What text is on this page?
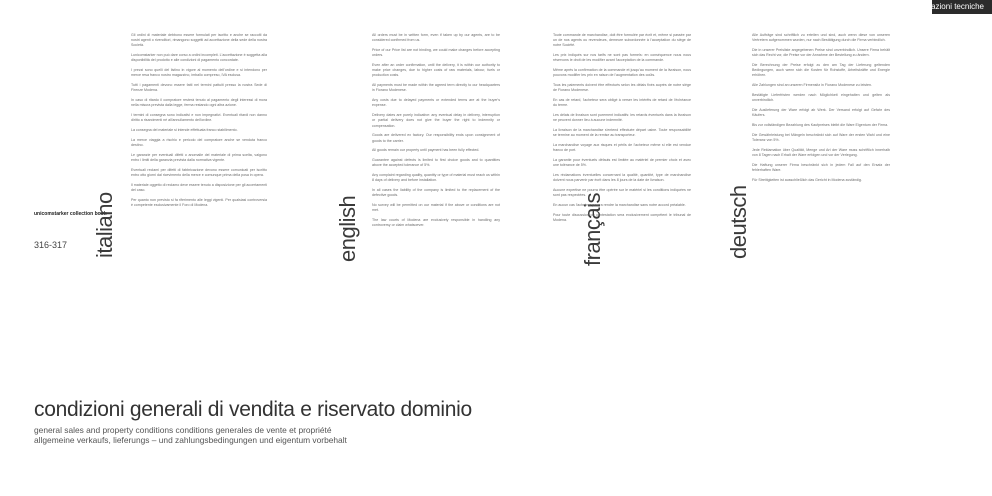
informazioni tecniche
unicomstarker collection book
316-317 italiano	english	français	deutsch

Gli ordini di materiale debbono essere formulati per iscritto e anche se raccolti da nostri agenti o rivenditori, rimangono soggetti ad accettazione della sede della nostra Società.

Lunicomstarker non può dare corso a ordini incompleti. L'accettazione è soggetta alla disponibilità del prodotto e alle condizioni di pagamento concordate.

I prezzi sono quelli del listino in vigore al momento dell'ordine e si intendono per merce resa franco nostro magazzino, imballo compreso, IVA esclusa.

Tutti i pagamenti devono essere fatti nei termini pattuiti presso la nostra Sede di Firenze Modena.

In caso di ritardo il compratore resterà tenuto al pagamento degli interessi di mora nella misura prevista dalla legge, ferma restando ogni altra azione.

I termini di consegna sono indicativi e non impegnativi. Eventuali ritardi non danno diritto a risarcimenti né all'annullamento dell'ordine.

La consegna del materiale si intende effettuata franco stabilimento.

La merce viaggia a rischio e pericolo del compratore anche se venduta franco destino.

Le garanzie per eventuali difetti o anomalie del materiale di prima scelta, valgono entro i limiti della garanzia prevista dalla normativa vigente.

Eventuali reclami per difetti di fabbricazione devono essere comunicati per iscritto entro otto giorni dal ricevimento della merce e comunque prima della posa in opera.

Il materiale oggetto di reclamo deve essere tenuto a disposizione per gli accertamenti del caso.

Per quanto non previsto si fa riferimento alle leggi vigenti. Per qualsiasi controversia è competente esclusivamente il Foro di Modena.

All orders must be in written form, even if taken up by our agents, are to be considered confirmed from us.

Price of our Price list are not binding, we could make changes before accepting orders.

Even after an order confirmation, until the delivery, it is within our authority to make price changes, due to higher costs of raw materials, labour, fuels or production costs.

All payments must be made within the agreed term directly to our headquarters in Fiorano Modenese.

Any costs due to delayed payments or extended terms are at the buyer's expense.

Delivery dates are purely indicative: any eventual delay in delivery, interruption or partial delivery does not give the buyer the right to indemnity or compensation.

Goods are delivered ex factory. Our responsibility ends upon consignment of goods to the carrier.

All goods remain our property until payment has been fully effected.

Guarantee against defects is limited to first choice goods and to quantities above the accepted tolerance of 5%.

Any complaint regarding quality, quantity or type of material must reach us within 8 days of delivery and before installation.

In all cases the liability of the company is limited to the replacement of the defective goods.

No survey will be permitted on our material if the above or conditions are not met.

The law courts of Modena are exclusively responsible in handling any controversy or claim whatsoever.

Toute commande de marchandise, doit être formulée par écrit et, même si passée par un de nos agents ou revendeurs, demeure subordonnée à l'acceptation du siège de notre Société.

Les prix indiqués sur nos tarifs ne sont pas formels: en conséquence nous nous réservons le droit de les modifier avant l'acceptation de la commande.

Même après la confirmation de la commande et jusqu'au moment de la livraison, nous pouvons modifier les prix en raison de l'augmentation des coûts.

Tous les paiements doivent être effectués selon les délais fixés auprès de notre siège de Fiorano Modenese.

En cas de retard, l'acheteur sera obligé à verser les intérêts de retard de l'échéance du terme.

Les délais de livraison sont purement indicatifs: les retards éventuels dans la livraison ne peuvent donner lieu à aucune indemnité.

La livraison de la marchandise s'entend effectuée départ usine. Toute responsabilité se termine au moment de la remise au transporteur.

La marchandise voyage aux risques et périls de l'acheteur même si elle est vendue franco de port.

La garantie pour éventuels défauts est limitée au matériel de premier choix et avec une tolérance de 5%.

Les réclamations éventuelles concernant la qualité, quantité, type de marchandise doivent nous parvenir par écrit dans les 8 jours de la date de livraison.

Aucune expertise ne pourra être opérée sur le matériel si les conditions indiquées ne sont pas respectées.

En aucun cas l'acheteur pourra rendre la marchandise sans notre accord préalable.

Pour toute discussion ou contestation sera exclusivement compétent le tribunal de Modena.

Alle Aufträge sind schriftlich zu erteilen und sind, auch wenn diese von unseren Vertretern aufgenommen wurden, nur nach Bestätigung durch die Firma verbindlich.

Die in unserer Preisliste angegebenen Preise sind unverbindlich. Unsere Firma behält sich das Recht vor, die Preise vor der Annahme der Bestellung zu ändern.

Die Berechnung der Preise erfolgt zu den am Tag der Lieferung geltenden Bedingungen, auch wenn sich die Kosten für Rohstoffe, Arbeitskräfte und Energie erhöhen.

Alle Zahlungen sind an unseren Firmensitz in Fiorano Modenese zu leisten.

Bestätigte Lieferfristen werden nach Möglichkeit eingehalten und gelten als unverbindlich.

Die Auslieferung der Ware erfolgt ab Werk. Der Versand erfolgt auf Gefahr des Käufers.

Bis zur vollständigen Bezahlung des Kaufpreises bleibt die Ware Eigentum der Firma.

Die Gewährleistung bei Mängeln beschränkt sich auf Ware der ersten Wahl und eine Toleranz von 5%.

Jede Reklamation über Qualität, Menge und Art der Ware muss schriftlich innerhalb von 8 Tagen nach Erhalt der Ware erfolgen und vor der Verlegung.

Die Haftung unserer Firma beschränkt sich in jedem Fall auf den Ersatz der fehlerhaften Ware.

Für Streitigkeiten ist ausschließlich das Gericht in Modena zuständig.

condizioni generali di vendita e riservato dominio
general sales and property conditions conditions generales de vente et propriété
allgemeine verkaufs, lieferungs – und zahlungsbedingungen und eigentum vorbehalt
